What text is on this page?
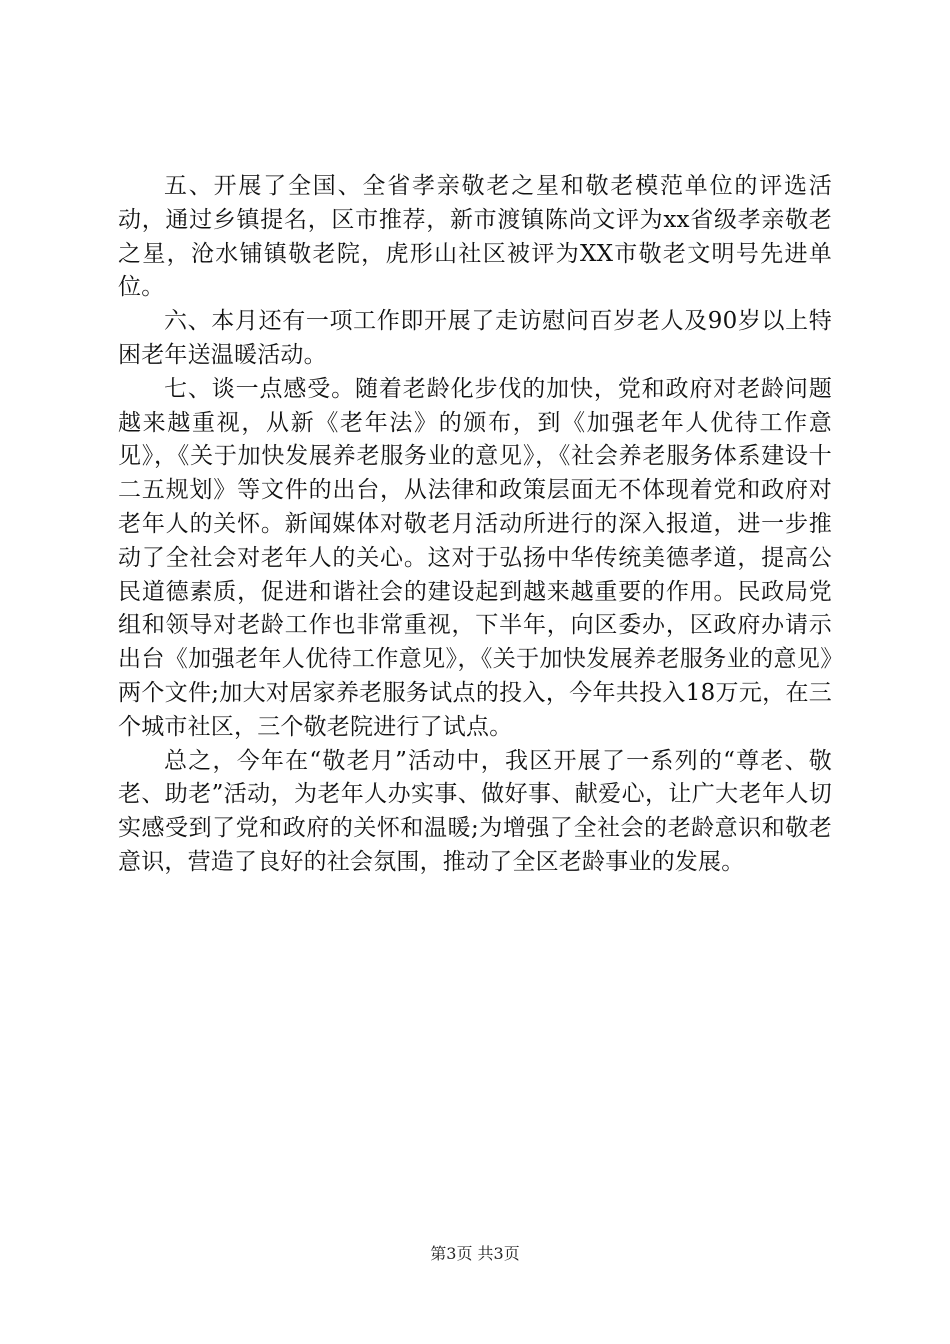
五、开展了全国、全省孝亲敬老之星和敬老模范单位的评选活动，通过乡镇提名，区市推荐，新市渡镇陈尚文评为xx省级孝亲敬老之星，沧水铺镇敬老院，虎形山社区被评为XX市敬老文明号先进单位。

六、本月还有一项工作即开展了走访慰问百岁老人及90岁以上特困老年送温暖活动。

七、谈一点感受。随着老龄化步伐的加快，党和政府对老龄问题越来越重视，从新《老年法》的颁布，到《加强老年人优待工作意见》，《关于加快发展养老服务业的意见》，《社会养老服务体系建设十二五规划》等文件的出台，从法律和政策层面无不体现着党和政府对老年人的关怀。新闻媒体对敬老月活动所进行的深入报道，进一步推动了全社会对老年人的关心。这对于弘扬中华传统美德孝道，提高公民道德素质，促进和谐社会的建设起到越来越重要的作用。民政局党组和领导对老龄工作也非常重视，下半年，向区委办，区政府办请示出台《加强老年人优待工作意见》，《关于加快发展养老服务业的意见》两个文件;加大对居家养老服务试点的投入，今年共投入18万元，在三个城市社区，三个敬老院进行了试点。

总之，今年在“敬老月”活动中，我区开展了一系列的“尊老、敬老、助老”活动，为老年人办实事、做好事、献爱心，让广大老年人切实感受到了党和政府的关怀和温暖;为增强了全社会的老龄意识和敬老意识，营造了良好的社会氛围，推动了全区老龄事业的发展。

第3页 共3页
